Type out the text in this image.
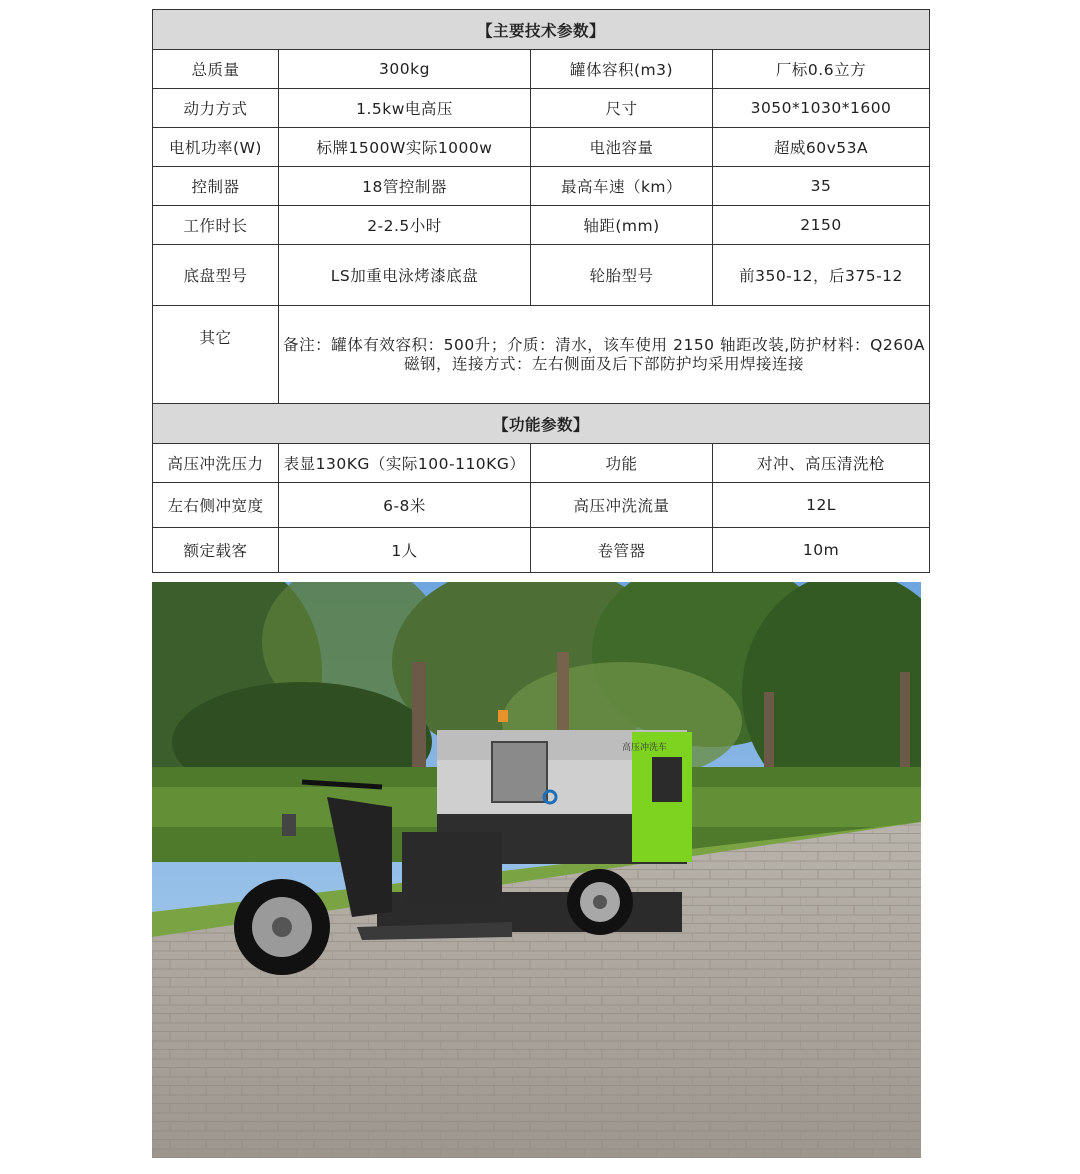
【主要技术参数】			
总质量	300kg	罐体容积(m3)	厂标0.6立方
动力方式	1.5kw电高压	尺寸	3050*1030*1600
电机功率(W)	标牌1500W实际1000w	电池容量	超威60v53A
控制器	18管控制器	最高车速（km）	35
工作时长	2-2.5小时	轴距(mm)	2150
底盘型号	LS加重电泳烤漆底盘	轮胎型号	前350-12，后375-12
其它	备注：罐体有效容积：500升；介质：清水，该车使用 2150 轴距改装,防护材料：Q260A 磁钢，连接方式：左右侧面及后下部防护均采用焊接连接		
【功能参数】			
高压冲洗压力	表显130KG（实际100-110KG）	功能	对冲、高压清洗枪
左右侧冲宽度	6-8米	高压冲洗流量	12L
额定载客	1人	卷管器	10m
高压冲洗车
